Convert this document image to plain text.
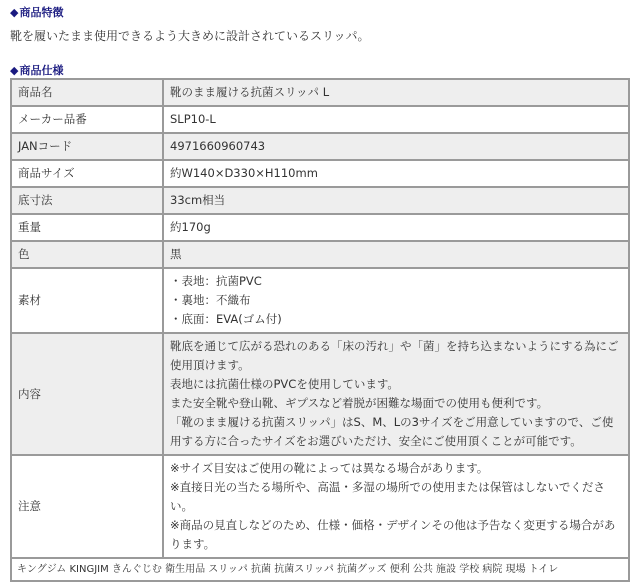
◆商品特徴
靴を履いたまま使用できるよう大きめに設計されているスリッパ。
◆商品仕様
商品名	靴のまま履ける抗菌スリッパ L
メーカー品番	SLP10-L
JANコード	4971660960743
商品サイズ	約W140×D330×H110mm
底寸法	33cm相当
重量	約170g
色	黒
素材	・表地：抗菌PVC
・裏地：不織布
・底面：EVA(ゴム付)

内容	靴底を通じて広がる恐れのある「床の汚れ」や「菌」を持ち込まないようにする為にご使用頂けます。
表地には抗菌仕様のPVCを使用しています。
また安全靴や登山靴、ギプスなど着脱が困難な場面での使用も便利です。
「靴のまま履ける抗菌スリッパ」はS、M、Lの3サイズをご用意していますので、ご使用する方に合ったサイズをお選びいただけ、安全にご使用頂くことが可能です。

注意	※サイズ目安はご使用の靴によっては異なる場合があります。
※直接日光の当たる場所や、高温・多湿の場所での使用または保管はしないでください。
※商品の見直しなどのため、仕様・価格・デザインその他は予告なく変更する場合があります。

キングジム KINGJIM きんぐじむ 衛生用品 スリッパ 抗菌 抗菌スリッパ 抗菌グッズ 便利 公共 施設 学校 病院 現場 トイレ	
